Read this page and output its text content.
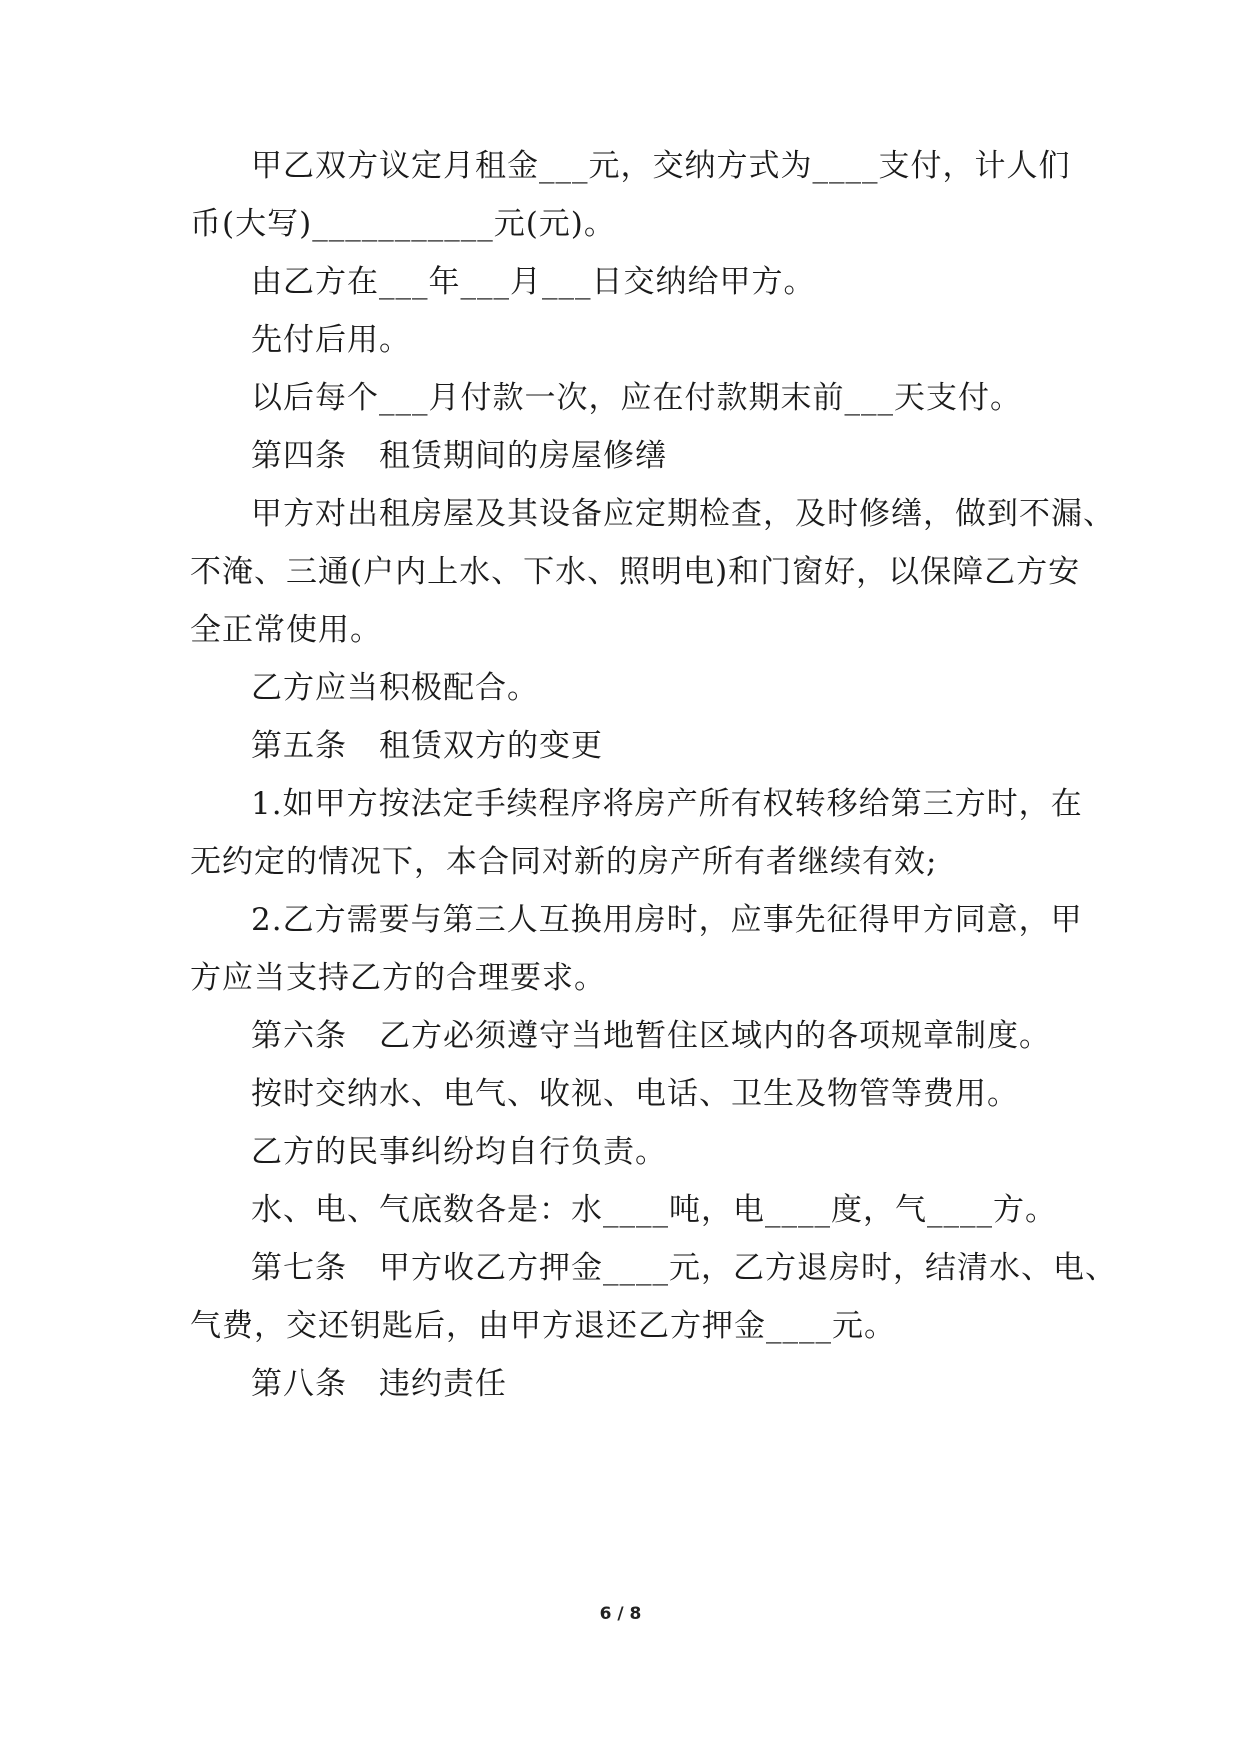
甲乙双方议定月租金___元，交纳方式为____支付，计人们
币(大写)___________元(元)。
由乙方在___年___月___日交纳给甲方。
先付后用。
以后每个___月付款一次，应在付款期末前___天支付。
第四条　租赁期间的房屋修缮
甲方对出租房屋及其设备应定期检查，及时修缮，做到不漏、
不淹、三通(户内上水、下水、照明电)和门窗好，以保障乙方安
全正常使用。
乙方应当积极配合。
第五条　租赁双方的变更
1.如甲方按法定手续程序将房产所有权转移给第三方时，在
无约定的情况下，本合同对新的房产所有者继续有效;
2.乙方需要与第三人互换用房时，应事先征得甲方同意，甲
方应当支持乙方的合理要求。
第六条　乙方必须遵守当地暂住区域内的各项规章制度。
按时交纳水、电气、收视、电话、卫生及物管等费用。
乙方的民事纠纷均自行负责。
水、电、气底数各是：水____吨，电____度，气____方。
第七条　甲方收乙方押金____元，乙方退房时，结清水、电、
气费，交还钥匙后，由甲方退还乙方押金____元。
第八条　违约责任
6 / 8
